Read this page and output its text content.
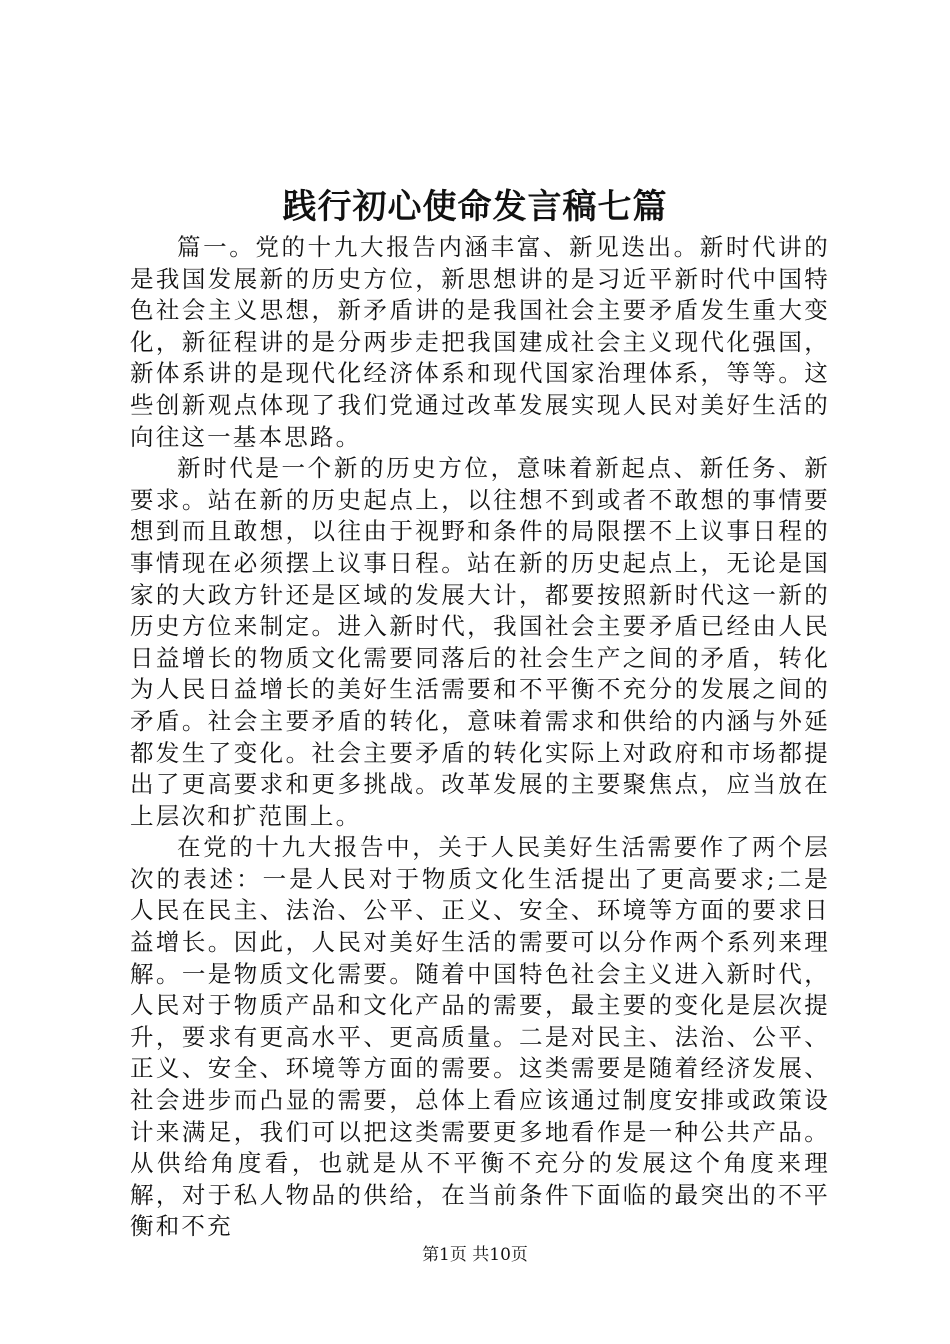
践行初心使命发言稿七篇

篇一。党的十九大报告内涵丰富、新见迭出。新时代讲的是我国发展新的历史方位，新思想讲的是习近平新时代中国特色社会主义思想，新矛盾讲的是我国社会主要矛盾发生重大变化，新征程讲的是分两步走把我国建成社会主义现代化强国，新体系讲的是现代化经济体系和现代国家治理体系，等等。这些创新观点体现了我们党通过改革发展实现人民对美好生活的向往这一基本思路。

新时代是一个新的历史方位，意味着新起点、新任务、新要求。站在新的历史起点上，以往想不到或者不敢想的事情要想到而且敢想，以往由于视野和条件的局限摆不上议事日程的事情现在必须摆上议事日程。站在新的历史起点上，无论是国家的大政方针还是区域的发展大计，都要按照新时代这一新的历史方位来制定。进入新时代，我国社会主要矛盾已经由人民日益增长的物质文化需要同落后的社会生产之间的矛盾，转化为人民日益增长的美好生活需要和不平衡不充分的发展之间的矛盾。社会主要矛盾的转化，意味着需求和供给的内涵与外延都发生了变化。社会主要矛盾的转化实际上对政府和市场都提出了更高要求和更多挑战。改革发展的主要聚焦点，应当放在上层次和扩范围上。

在党的十九大报告中，关于人民美好生活需要作了两个层次的表述：一是人民对于物质文化生活提出了更高要求;二是人民在民主、法治、公平、正义、安全、环境等方面的要求日益增长。因此，人民对美好生活的需要可以分作两个系列来理解。一是物质文化需要。随着中国特色社会主义进入新时代，人民对于物质产品和文化产品的需要，最主要的变化是层次提升，要求有更高水平、更高质量。二是对民主、法治、公平、正义、安全、环境等方面的需要。这类需要是随着经济发展、社会进步而凸显的需要，总体上看应该通过制度安排或政策设计来满足，我们可以把这类需要更多地看作是一种公共产品。从供给角度看，也就是从不平衡不充分的发展这个角度来理解，对于私人物品的供给，在当前条件下面临的最突出的不平衡和不充

第1页 共10页
